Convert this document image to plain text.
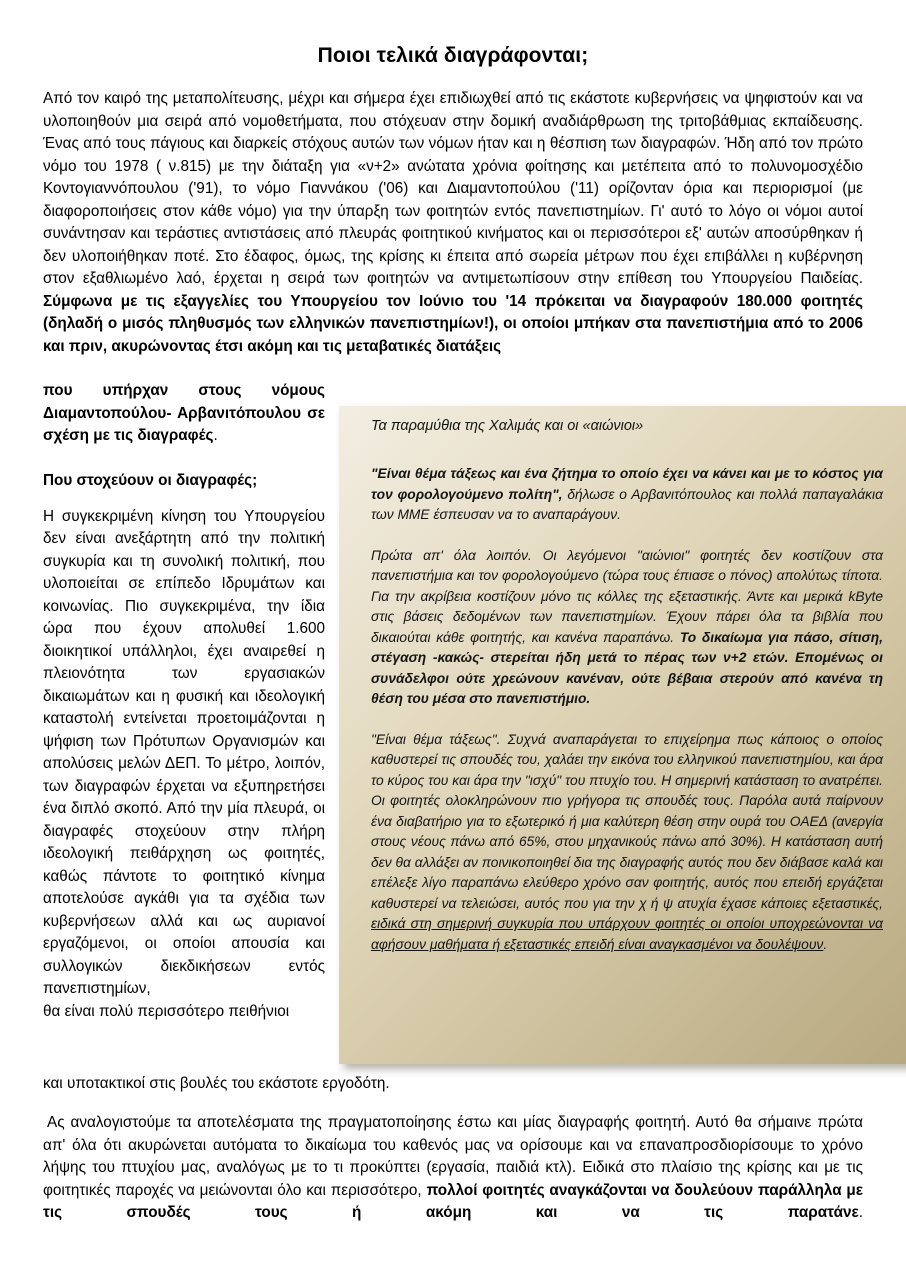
Ποιοι τελικά διαγράφονται;

Από τον καιρό της μεταπολίτευσης, μέχρι και σήμερα έχει επιδιωχθεί από τις εκάστοτε κυβερνήσεις να ψηφιστούν και να υλοποιηθούν μια σειρά από νομοθετήματα, που στόχευαν στην δομική αναδιάρθρωση της τριτοβάθμιας εκπαίδευσης. Ένας από τους πάγιους και διαρκείς στόχους αυτών των νόμων ήταν και η θέσπιση των διαγραφών. Ήδη από τον πρώτο νόμο του 1978 ( ν.815) με την διάταξη για «ν+2» ανώτατα χρόνια φοίτησης και μετέπειτα από το πολυνομοσχέδιο Κοντογιαννόπουλου ('91), το νόμο Γιαννάκου ('06) και Διαμαντοπούλου ('11) ορίζονταν όρια και περιορισμοί (με διαφοροποιήσεις στον κάθε νόμο) για την ύπαρξη των φοιτητών εντός πανεπιστημίων. Γι' αυτό το λόγο οι νόμοι αυτοί συνάντησαν και τεράστιες αντιστάσεις από πλευράς φοιτητικού κινήματος και οι περισσότεροι εξ' αυτών αποσύρθηκαν ή δεν υλοποιήθηκαν ποτέ. Στο έδαφος, όμως, της κρίσης κι έπειτα από σωρεία μέτρων που έχει επιβάλλει η κυβέρνηση στον εξαθλιωμένο λαό, έρχεται η σειρά των φοιτητών να αντιμετωπίσουν στην επίθεση του Υπουργείου Παιδείας. Σύμφωνα με τις εξαγγελίες του Υπουργείου τον Ιούνιο του '14 πρόκειται να διαγραφούν 180.000 φοιτητές (δηλαδή ο μισός πληθυσμός των ελληνικών πανεπιστημίων!), οι οποίοι μπήκαν στα πανεπιστήμια από το 2006 και πριν, ακυρώνοντας έτσι ακόμη και τις μεταβατικές διατάξεις

που υπήρχαν στους νόμους Διαμαντοπούλου- Αρβανιτόπουλου σε σχέση με τις διαγραφές.

Που στοχεύουν οι διαγραφές;

Η συγκεκριμένη κίνηση του Υπουργείου δεν είναι ανεξάρτητη από την πολιτική συγκυρία και τη συνολική πολιτική, που υλοποιείται σε επίπεδο Ιδρυμάτων και κοινωνίας. Πιο συγκεκριμένα, την ίδια ώρα που έχουν απολυθεί 1.600 διοικητικοί υπάλληλοι, έχει αναιρεθεί η πλειονότητα των εργασιακών δικαιωμάτων και η φυσική και ιδεολογική καταστολή εντείνεται προετοιμάζονται η ψήφιση των Πρότυπων Οργανισμών και απολύσεις μελών ΔΕΠ. Το μέτρο, λοιπόν, των διαγραφών έρχεται να εξυπηρετήσει ένα διπλό σκοπό. Από την μία πλευρά, οι διαγραφές στοχεύουν στην πλήρη ιδεολογική πειθάρχηση ως φοιτητές, καθώς πάντοτε το φοιτητικό κίνημα αποτελούσε αγκάθι για τα σχέδια των κυβερνήσεων αλλά και ως αυριανοί εργαζόμενοι, οι οποίοι απουσία και συλλογικών διεκδικήσεων εντός πανεπιστημίων,

θα είναι πολύ περισσότερο πειθήνιοι

και υποτακτικοί στις βουλές του εκάστοτε εργοδότη.
Τα παραμύθια της Χαλιμάς και οι «αιώνιοι»

"Είναι θέμα τάξεως και ένα ζήτημα το οποίο έχει να κάνει και με το κόστος για τον φορολογούμενο πολίτη", δήλωσε ο Αρβανιτόπουλος και πολλά παπαγαλάκια των ΜΜΕ έσπευσαν να το αναπαράγουν.

Πρώτα απ' όλα λοιπόν. Οι λεγόμενοι "αιώνιοι" φοιτητές δεν κοστίζουν στα πανεπιστήμια και τον φορολογούμενο (τώρα τους έπιασε ο πόνος) απολύτως τίποτα. Για την ακρίβεια κοστίζουν μόνο τις κόλλες της εξεταστικής. Άντε και μερικά kByte στις βάσεις δεδομένων των πανεπιστημίων. Έχουν πάρει όλα τα βιβλία που δικαιούται κάθε φοιτητής, και κανένα παραπάνω. Το δικαίωμα για πάσο, σίτιση, στέγαση -κακώς- στερείται ήδη μετά το πέρας των ν+2 ετών. Επομένως οι συνάδελφοι ούτε χρεώνουν κανέναν, ούτε βέβαια στερούν από κανένα τη θέση του μέσα στο πανεπιστήμιο.

"Είναι θέμα τάξεως". Συχνά αναπαράγεται το επιχείρημα πως κάποιος ο οποίος καθυστερεί τις σπουδές του, χαλάει την εικόνα του ελληνικού πανεπιστημίου, και άρα το κύρος του και άρα την "ισχύ" του πτυχίο του. Η σημερινή κατάσταση το ανατρέπει. Οι φοιτητές ολοκληρώνουν πιο γρήγορα τις σπουδές τους. Παρόλα αυτά παίρνουν ένα διαβατήριο για το εξωτερικό ή μια καλύτερη θέση στην ουρά του ΟΑΕΔ (ανεργία στους νέους πάνω από 65%, στου μηχανικούς πάνω από 30%). Η κατάσταση αυτή δεν θα αλλάξει αν ποινικοποιηθεί δια της διαγραφής αυτός που δεν διάβασε καλά και επέλεξε λίγο παραπάνω ελεύθερο χρόνο σαν φοιτητής, αυτός που επειδή εργάζεται καθυστερεί να τελειώσει, αυτός που για την χ ή ψ ατυχία έχασε κάποιες εξεταστικές, ειδικά στη σημερινή συγκυρία που υπάρχουν φοιτητές οι οποίοι υποχρεώνονται να αφήσουν μαθήματα ή εξεταστικές επειδή είναι αναγκασμένοι να δουλέψουν.

Ας αναλογιστούμε τα αποτελέσματα της πραγματοποίησης έστω και μίας διαγραφής φοιτητή. Αυτό θα σήμαινε πρώτα απ' όλα ότι ακυρώνεται αυτόματα το δικαίωμα του καθενός μας να ορίσουμε και να επαναπροσδιορίσουμε το χρόνο λήψης του πτυχίου μας, αναλόγως με το τι προκύπτει (εργασία, παιδιά κτλ). Ειδικά στο πλαίσιο της κρίσης και με τις φοιτητικές παροχές να μειώνονται όλο και περισσότερο, πολλοί φοιτητές αναγκάζονται να δουλεύουν παράλληλα με τις σπουδές τους ή ακόμη και να τις παρατάνε.
